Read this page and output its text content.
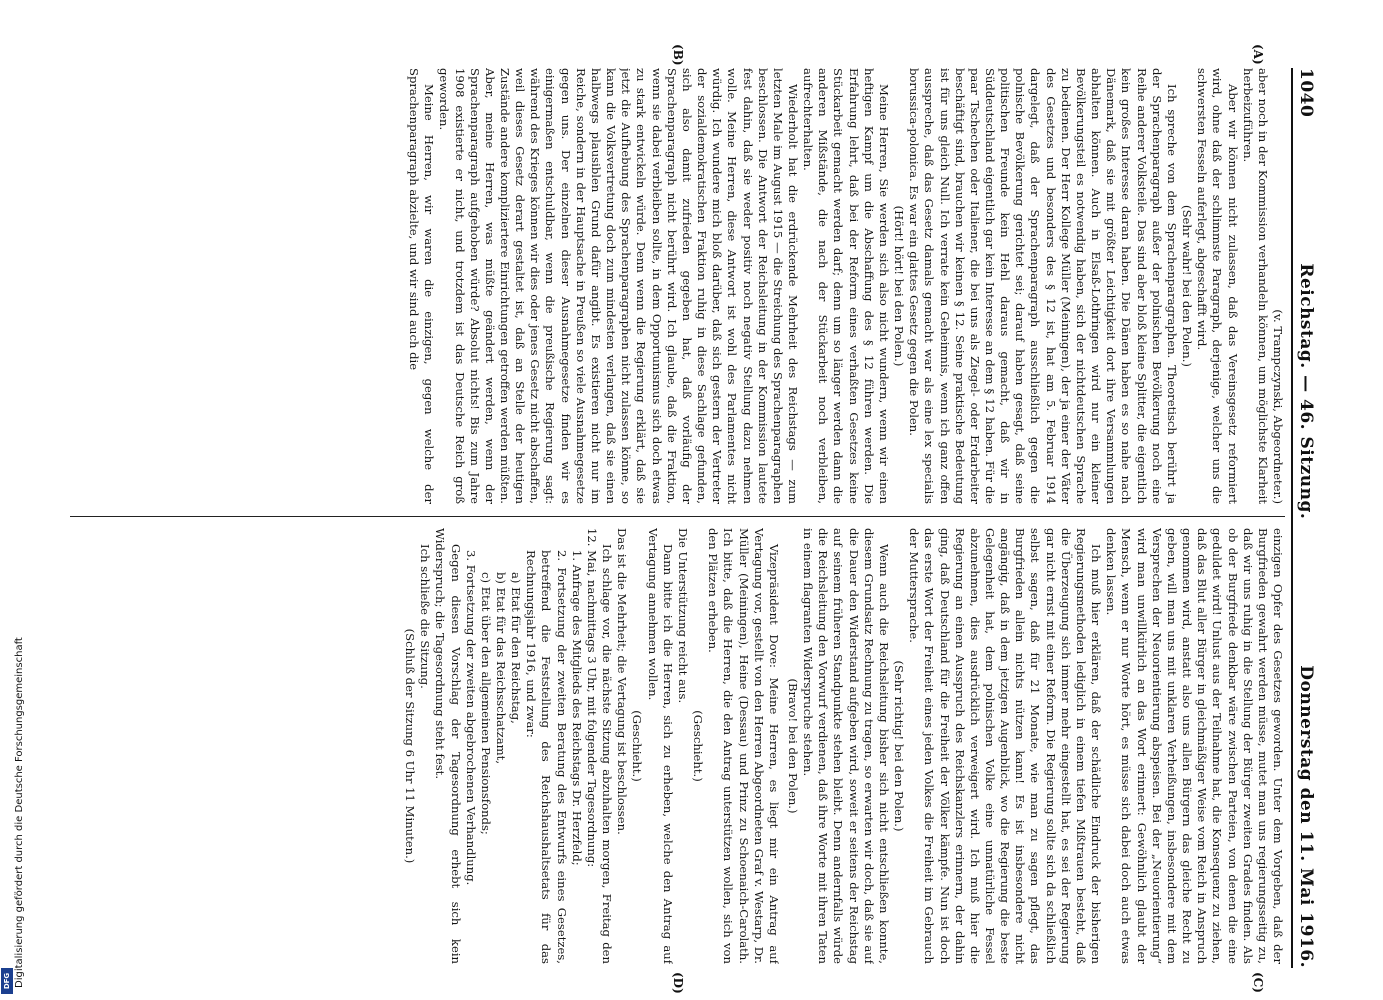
1040
Reichstag. — 46. Sitzung.
Donnerstag den 11. Mai 1916.
(A)
(B)
(C)
(D)

(v. Trampczynski, Abgeordneter.)

aber noch in der Kommission verhandeln können, um möglichste Klarheit herbeizuführen.

Aber wir können nicht zulassen, daß das Vereinsgesetz reformiert wird, ohne daß der schlimmste Paragraph, derjenige, welcher uns die schwersten Fesseln auferlegt, abgeschafft wird.

(Sehr wahr! bei den Polen.)

Ich spreche von dem Sprachenparagraphen. Theoretisch berührt ja der Sprachenparagraph außer der polnischen Bevölkerung noch eine Reihe anderer Volksteile. Das sind aber bloß kleine Splitter, die eigentlich kein großes Interesse daran haben. Die Dänen haben es so nahe nach Dänemark, daß sie mit größter Leichtigkeit dort ihre Versammlungen abhalten können. Auch in Elsaß-Lothringen wird nur ein kleiner Bevölkerungsteil es notwendig haben, sich der nichtdeutschen Sprache zu bedienen. Der Herr Kollege Müller (Meiningen), der ja einer der Väter des Gesetzes und besonders des § 12 ist, hat am 5. Februar 1914 dargelegt, daß der Sprachenparagraph ausschließlich gegen die polnische Bevölkerung gerichtet sei; darauf haben gesagt, daß seine politischen Freunde kein Hehl daraus gemacht, daß wir in Süddeutschland eigentlich gar kein Interesse an dem § 12 haben. Für die paar Tschechen oder Italiener, die bei uns als Ziegel- oder Erdarbeiter beschäftigt sind, brauchen wir keinen § 12. Seine praktische Bedeutung ist für uns gleich Null. Ich verrate kein Geheimnis, wenn ich ganz offen ausspreche, daß das Gesetz damals gemacht war als eine lex specialis borussica-polonica. Es war ein glattes Gesetz gegen die Polen.

(Hört! hört! bei den Polen.)

Meine Herren, Sie werden sich also nicht wundern, wenn wir einen heftigen Kampf um die Abschaffung des § 12 führen werden. Die Erfahrung lehrt, daß bei der Reform eines verhaßten Gesetzes keine Stückarbeit gemacht werden darf; denn um so länger werden dann die anderen Mißstände, die nach der Stückarbeit noch verbleiben, aufrechterhalten.

Wiederholt hat die erdrückende Mehrheit des Reichstags — zum letzten Male im August 1915 — die Streichung des Sprachenparagraphen beschlossen. Die Antwort der Reichsleitung in der Kommission lautete fest dahin, daß sie weder positiv noch negativ Stellung dazu nehmen wolle. Meine Herren, diese Antwort ist wohl des Parlamentes nicht würdig. Ich wundere mich bloß darüber, daß sich gestern der Vertreter der sozialdemokratischen Fraktion ruhig in diese Sachlage gefunden, sich also damit zufrieden gegeben hat, daß vorläufig der Sprachenparagraph nicht berührt wird. Ich glaube, daß die Fraktion, wenn sie dabei verbleiben sollte, in dem Opportunismus sich doch etwas zu stark entwickeln würde. Denn wenn die Regierung erklärt, daß sie jetzt die Aufhebung des Sprachenparagraphen nicht zulassen könne, so kann die Volksvertretung doch zum mindesten verlangen, daß sie einen halbwegs plausiblen Grund dafür angibt. Es existieren nicht nur im Reiche, sondern in der Hauptsache in Preußen so viele Ausnahmegesetze gegen uns. Der einzelnen dieser Ausnahmegesetze finden wir es einigermaßen entschuldbar, wenn die preußische Regierung sagt: während des Krieges können wir dies oder jenes Gesetz nicht abschaffen, weil dieses Gesetz derart gestaltet ist, daß an Stelle der heutigen Zustände andere kompliziertere Einrichtungen getroffen werden müßten. Aber, meine Herren, was müßte geändert werden, wenn der Sprachenparagraph aufgehoben würde? Absolut nichts! Bis zum Jahre 1908 existierte er nicht, und trotzdem ist das Deutsche Reich groß geworden.

Meine Herren, wir waren die einzigen, gegen welche der Sprachenparagraph abzielte, und wir sind auch die

einzigen Opfer des Gesetzes geworden. Unter dem Vorgeben, daß der Burgfrieden gewahrt werden müsse, mutet man uns regierungsseitig zu, daß wir uns ruhig in die Stellung der Bürger zweiten Grades finden. Als ob der Burgfriede denkbar wäre zwischen Parteien, von denen die eine geduldet wird! Unlust aus der Teilnahme hat, die Konsequenz zu ziehen, daß das Blut aller Bürger in gleichmäßiger Weise vom Reich in Anspruch genommen wird, anstatt also uns allen Bürgern das gleiche Recht zu geben, will man uns mit unklaren Verheißungen, insbesondere mit dem Versprechen der Neuorientierung abspeisen. Bei der „Neuorientierung“ wird man unwillkürlich an das Wort erinnert: Gewöhnlich glaubt der Mensch, wenn er nur Worte hört, es müsse sich dabei doch auch etwas denken lassen.

Ich muß hier erklären, daß der schädliche Eindruck der bisherigen Regierungsmethoden lediglich in einem tiefen Mißtrauen besteht, daß die Überzeugung sich immer mehr eingestellt hat, es sei der Regierung gar nicht ernst mit einer Reform. Die Regierung sollte sich da schließlich selbst sagen, daß für 21 Monate, wie man zu sagen pflegt, das Burgfrieden allein nichts nützen kann! Es ist insbesondere nicht angängig, daß in dem jetzigen Augenblick, wo die Regierung die beste Gelegenheit hat, dem polnischen Volke eine unnatürliche Fessel abzunehmen, dies ausdrücklich verweigert wird. Ich muß hier die Regierung an einen Ausspruch des Reichskanzlers erinnern, der dahin ging, daß Deutschland für die Freiheit der Völker kämpfe. Nun ist doch das erste Wort der Freiheit eines jeden Volkes die Freiheit im Gebrauch der Muttersprache.

(Sehr richtig! bei den Polen.)

Wenn auch die Reichsleitung bisher sich nicht entschließen konnte, diesem Grundsatz Rechnung zu tragen, so erwarten wir doch, daß sie auf die Dauer den Widerstand aufgeben wird, soweit er seitens der Reichstag auf seinem früheren Standpunkte stehen bleibt. Denn andernfalls würde die Reichsleitung den Vorwurf verdienen, daß ihre Worte mit ihren Taten in einem flagranten Widerspruche stehen.

(Bravo! bei den Polen.)

Vizepräsident Dove: Meine Herren, es liegt mir ein Antrag auf Vertagung vor, gestellt von den Herren Abgeordneten Graf v. Westarp, Dr. Müller (Meiningen), Heine (Dessau) und Prinz zu Schoenaich-Carolath. Ich bitte, daß die Herren, die den Antrag unterstützen wollen, sich von den Plätzen erheben.

(Geschieht.)

Die Unterstützung reicht aus.

Dann bitte ich die Herren, sich zu erheben, welche den Antrag auf Vertagung annehmen wollen.

(Geschieht.)

Das ist die Mehrheit; die Vertagung ist beschlossen.

Ich schlage vor, die nächste Sitzung abzuhalten morgen, Freitag den 12. Mai, nachmittags 3 Uhr, mit folgender Tagesordnung:

1. Anfrage des Mitglieds des Reichstags Dr. Herzfeld;

2. Fortsetzung der zweiten Beratung des Entwurfs eines Gesetzes, betreffend die Feststellung des Reichshaushaltsetats für das Rechnungsjahr 1916, und zwar:

a) Etat für den Reichstag,

b) Etat für das Reichsschatzamt,

c) Etat über den allgemeinen Pensionsfonds;

3. Fortsetzung der zweiten abgebrochenen Verhandlung.

Gegen diesen Vorschlag der Tagesordnung erhebt sich kein Widerspruch; die Tagesordnung steht fest.

Ich schließe die Sitzung.

(Schluß der Sitzung 6 Uhr 11 Minuten.)

Digitalisierung gefördert durch die Deutsche Forschungsgemeinschaft
DFG
